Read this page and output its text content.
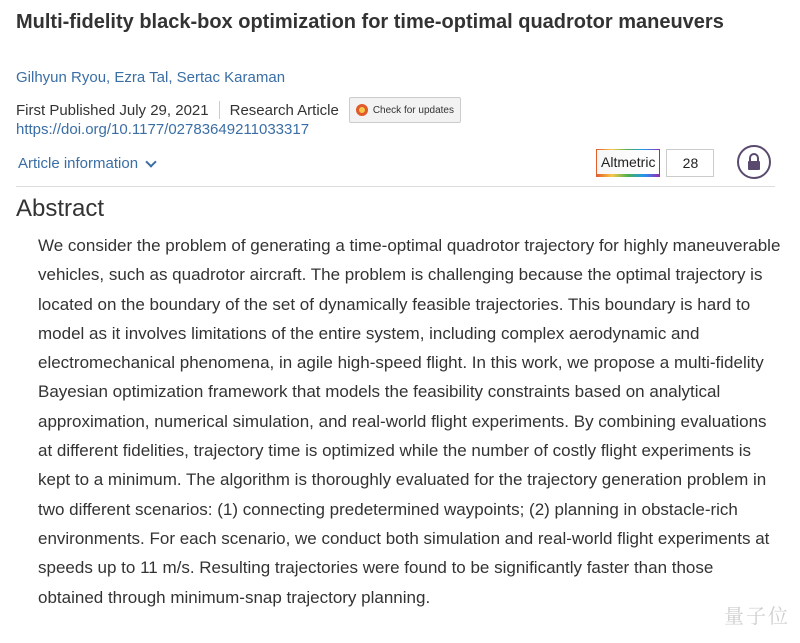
Multi-fidelity black-box optimization for time-optimal quadrotor maneuvers
Gilhyun Ryou, Ezra Tal, Sertac Karaman
First Published July 29, 2021 Research Article	Check for updates
https://doi.org/10.1177/02783649211033317
Article information	Altmetric	28
Abstract
We consider the problem of generating a time-optimal quadrotor trajectory for highly maneuverable vehicles, such as quadrotor aircraft. The problem is challenging because the optimal trajectory is located on the boundary of the set of dynamically feasible trajectories. This boundary is hard to model as it involves limitations of the entire system, including complex aerodynamic and electromechanical phenomena, in agile high-speed flight. In this work, we propose a multi-fidelity Bayesian optimization framework that models the feasibility constraints based on analytical approximation, numerical simulation, and real-world flight experiments. By combining evaluations at different fidelities, trajectory time is optimized while the number of costly flight experiments is kept to a minimum. The algorithm is thoroughly evaluated for the trajectory generation problem in two different scenarios: (1) connecting predetermined waypoints; (2) planning in obstacle-rich environments. For each scenario, we conduct both simulation and real-world flight experiments at speeds up to 11 m/s. Resulting trajectories were found to be significantly faster than those obtained through minimum-snap trajectory planning.
量子位
